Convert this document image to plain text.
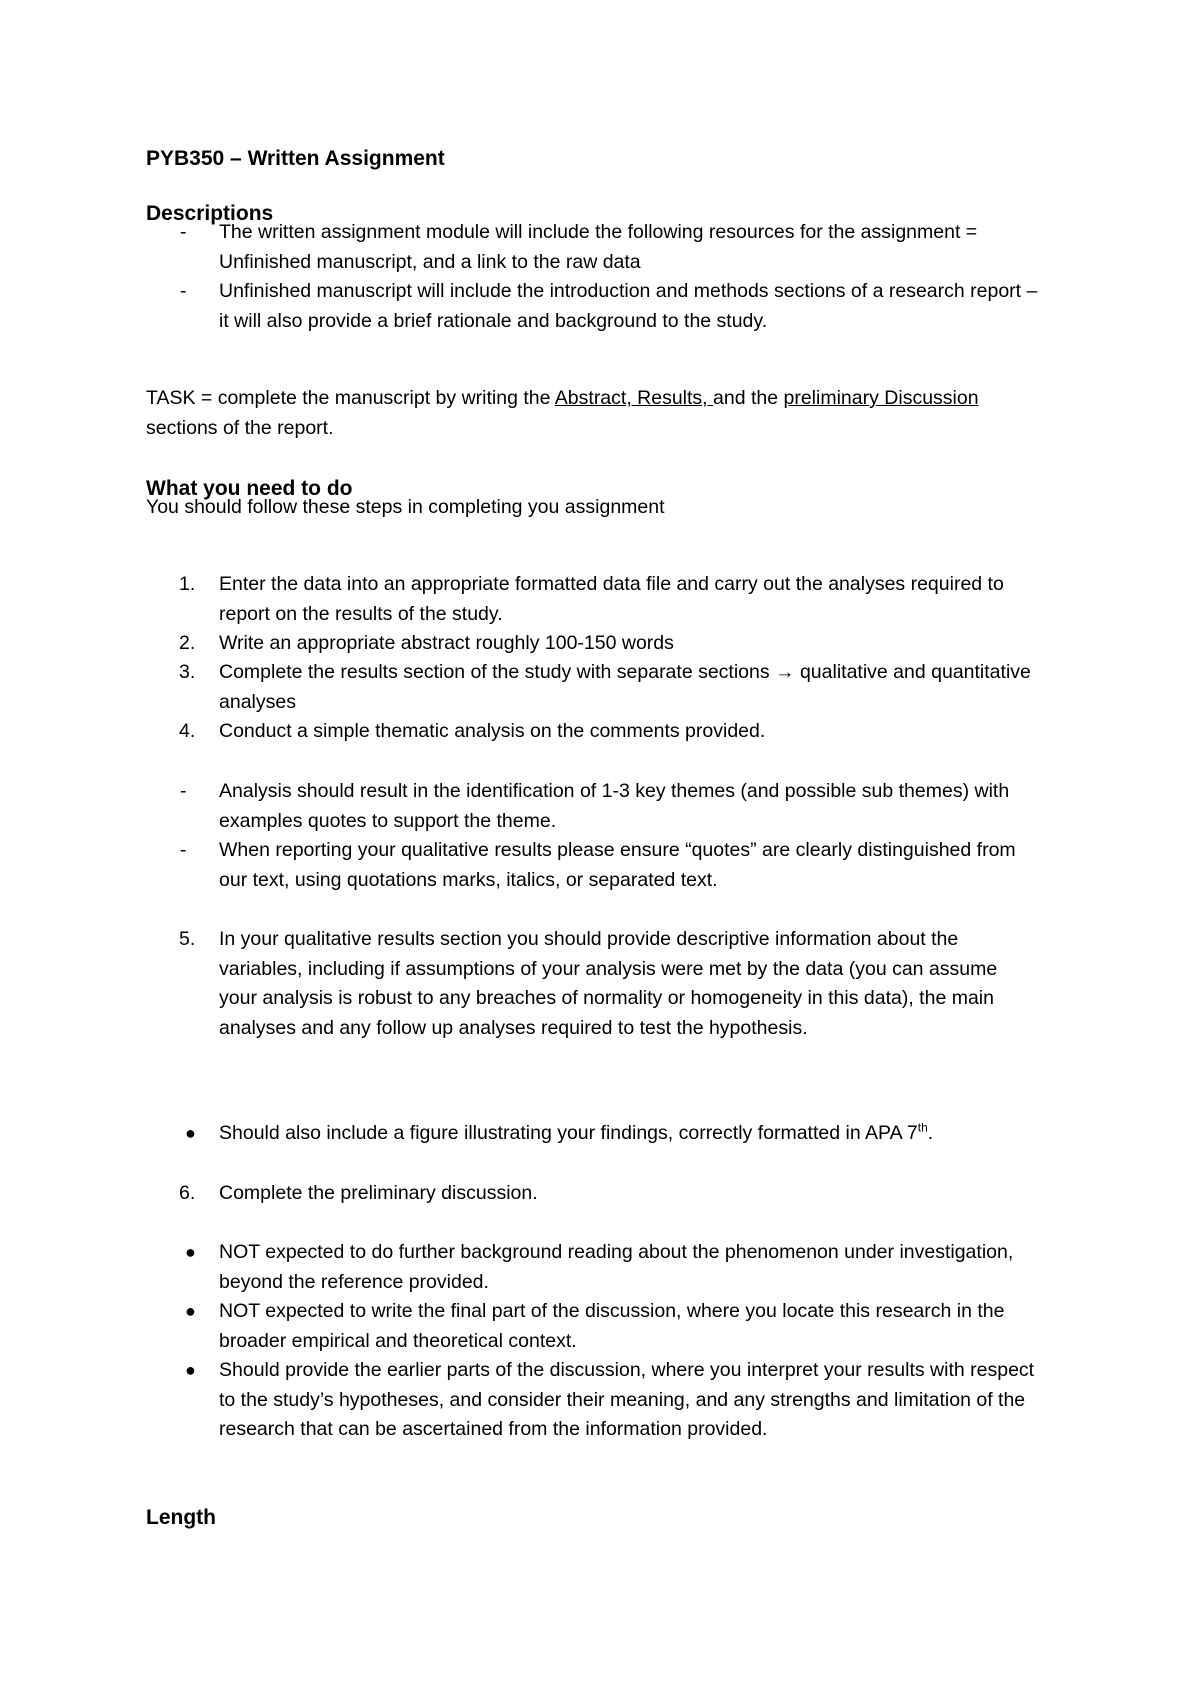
PYB350 – Written Assignment
Descriptions
-	The written assignment module will include the following resources for the assignment = Unfinished manuscript, and a link to the raw data
-	Unfinished manuscript will include the introduction and methods sections of a research report – it will also provide a brief rationale and background to the study.
TASK = complete the manuscript by writing the Abstract, Results, and the preliminary Discussion sections of the report.
What you need to do
You should follow these steps in completing you assignment
1.	Enter the data into an appropriate formatted data file and carry out the analyses required to report on the results of the study.
2.	Write an appropriate abstract roughly 100-150 words
3.	Complete the results section of the study with separate sections → qualitative and quantitative analyses
4.	Conduct a simple thematic analysis on the comments provided.
-	Analysis should result in the identification of 1-3 key themes (and possible sub themes) with examples quotes to support the theme.
-	When reporting your qualitative results please ensure “quotes” are clearly distinguished from our text, using quotations marks, italics, or separated text.
5.	In your qualitative results section you should provide descriptive information about the variables, including if assumptions of your analysis were met by the data (you can assume your analysis is robust to any breaches of normality or homogeneity in this data), the main analyses and any follow up analyses required to test the hypothesis.
●	Should also include a figure illustrating your findings, correctly formatted in APA 7th.
6.	Complete the preliminary discussion.
●	NOT expected to do further background reading about the phenomenon under investigation, beyond the reference provided.
●	NOT expected to write the final part of the discussion, where you locate this research in the broader empirical and theoretical context.
●	Should provide the earlier parts of the discussion, where you interpret your results with respect to the study’s hypotheses, and consider their meaning, and any strengths and limitation of the research that can be ascertained from the information provided.
Length
